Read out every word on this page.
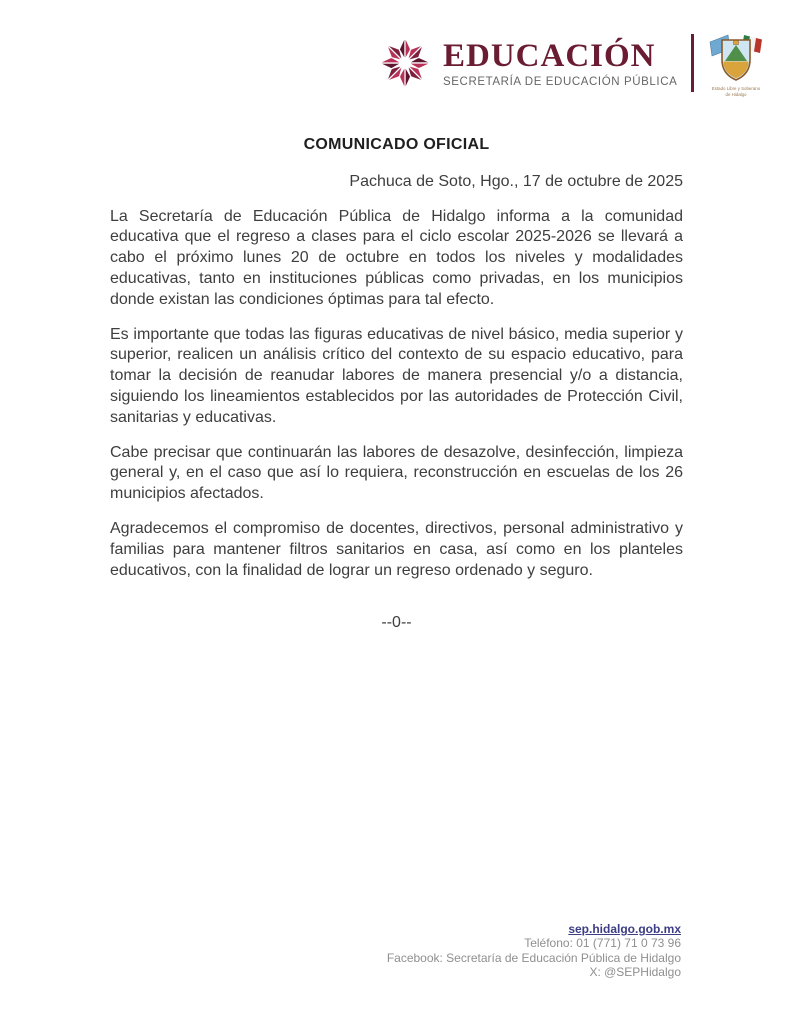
EDUCACIÓN
SECRETARÍA DE EDUCACIÓN PÚBLICA
Estado Libre y Soberano
de Hidalgo
COMUNICADO OFICIAL
Pachuca de Soto, Hgo., 17 de octubre de 2025

La Secretaría de Educación Pública de Hidalgo informa a la comunidad educativa que el regreso a clases para el ciclo escolar 2025-2026 se llevará a cabo el próximo lunes 20 de octubre en todos los niveles y modalidades educativas, tanto en instituciones públicas como privadas, en los municipios donde existan las condiciones óptimas para tal efecto.

Es importante que todas las figuras educativas de nivel básico, media superior y superior, realicen un análisis crítico del contexto de su espacio educativo, para tomar la decisión de reanudar labores de manera presencial y/o a distancia, siguiendo los lineamientos establecidos por las autoridades de Protección Civil, sanitarias y educativas.

Cabe precisar que continuarán las labores de desazolve, desinfección, limpieza general y, en el caso que así lo requiera, reconstrucción en escuelas de los 26 municipios afectados.

Agradecemos el compromiso de docentes, directivos, personal administrativo y familias para mantener filtros sanitarios en casa, así como en los planteles educativos, con la finalidad de lograr un regreso ordenado y seguro.

--0--
sep.hidalgo.gob.mx
Teléfono: 01 (771) 71 0 73 96
Facebook: Secretaría de Educación Pública de Hidalgo
X: @SEPHidalgo
